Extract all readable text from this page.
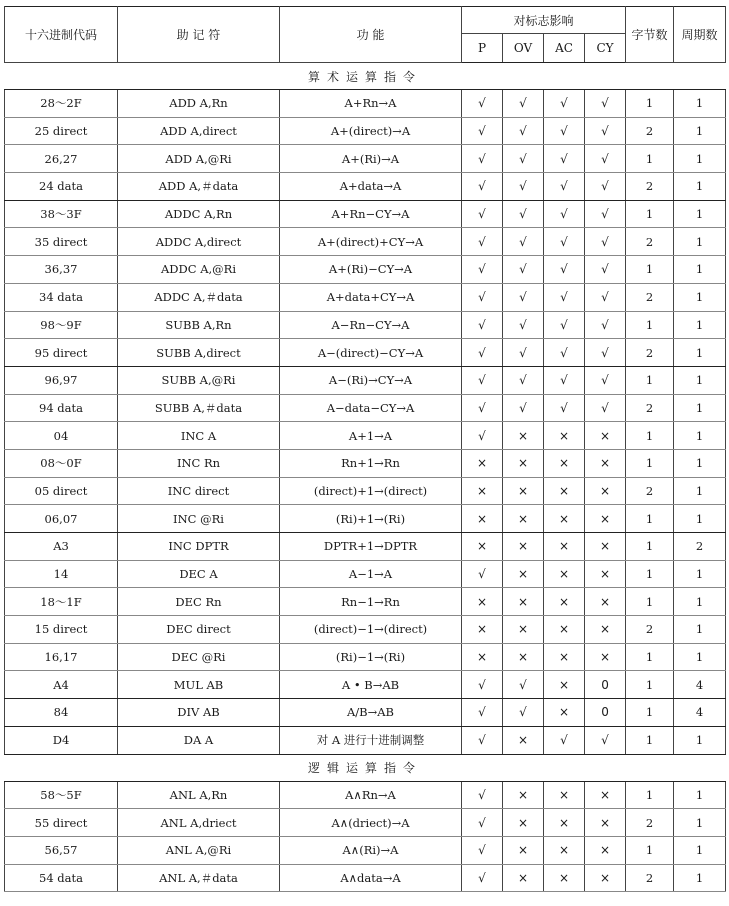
十六进制代码	助 记 符	功 能	对标志影响				字节数	周期数
			P	OV	AC	CY		
算术运算指令								
28～2F	ADD A,Rn	A+Rn→A	√	√	√	√	1	1
25 direct	ADD A,direct	A+(direct)→A	√	√	√	√	2	1
26,27	ADD A,@Ri	A+(Ri)→A	√	√	√	√	1	1
24 data	ADD A,＃data	A+data→A	√	√	√	√	2	1
38～3F	ADDC A,Rn	A+Rn−CY→A	√	√	√	√	1	1
35 direct	ADDC A,direct	A+(direct)+CY→A	√	√	√	√	2	1
36,37	ADDC A,@Ri	A+(Ri)−CY→A	√	√	√	√	1	1
34 data	ADDC A,＃data	A+data+CY→A	√	√	√	√	2	1
98～9F	SUBB A,Rn	A−Rn−CY→A	√	√	√	√	1	1
95 direct	SUBB A,direct	A−(direct)−CY→A	√	√	√	√	2	1
96,97	SUBB A,@Ri	A−(Ri)→CY→A	√	√	√	√	1	1
94 data	SUBB A,＃data	A−data−CY→A	√	√	√	√	2	1
04	INC A	A+1→A	√	×	×	×	1	1
08～0F	INC Rn	Rn+1→Rn	×	×	×	×	1	1
05 direct	INC direct	(direct)+1→(direct)	×	×	×	×	2	1
06,07	INC @Ri	(Ri)+1→(Ri)	×	×	×	×	1	1
A3	INC DPTR	DPTR+1→DPTR	×	×	×	×	1	2
14	DEC A	A−1→A	√	×	×	×	1	1
18～1F	DEC Rn	Rn−1→Rn	×	×	×	×	1	1
15 direct	DEC direct	(direct)−1→(direct)	×	×	×	×	2	1
16,17	DEC @Ri	(Ri)−1→(Ri)	×	×	×	×	1	1
A4	MUL AB	A • B→AB	√	√	×	0	1	4
84	DIV AB	A/B→AB	√	√	×	0	1	4
D4	DA A	对 A 进行十进制调整	√	×	√	√	1	1
逻辑运算指令								
58～5F	ANL A,Rn	A∧Rn→A	√	×	×	×	1	1
55 direct	ANL A,driect	A∧(driect)→A	√	×	×	×	2	1
56,57	ANL A,@Ri	A∧(Ri)→A	√	×	×	×	1	1
54 data	ANL A,＃data	A∧data→A	√	×	×	×	2	1
